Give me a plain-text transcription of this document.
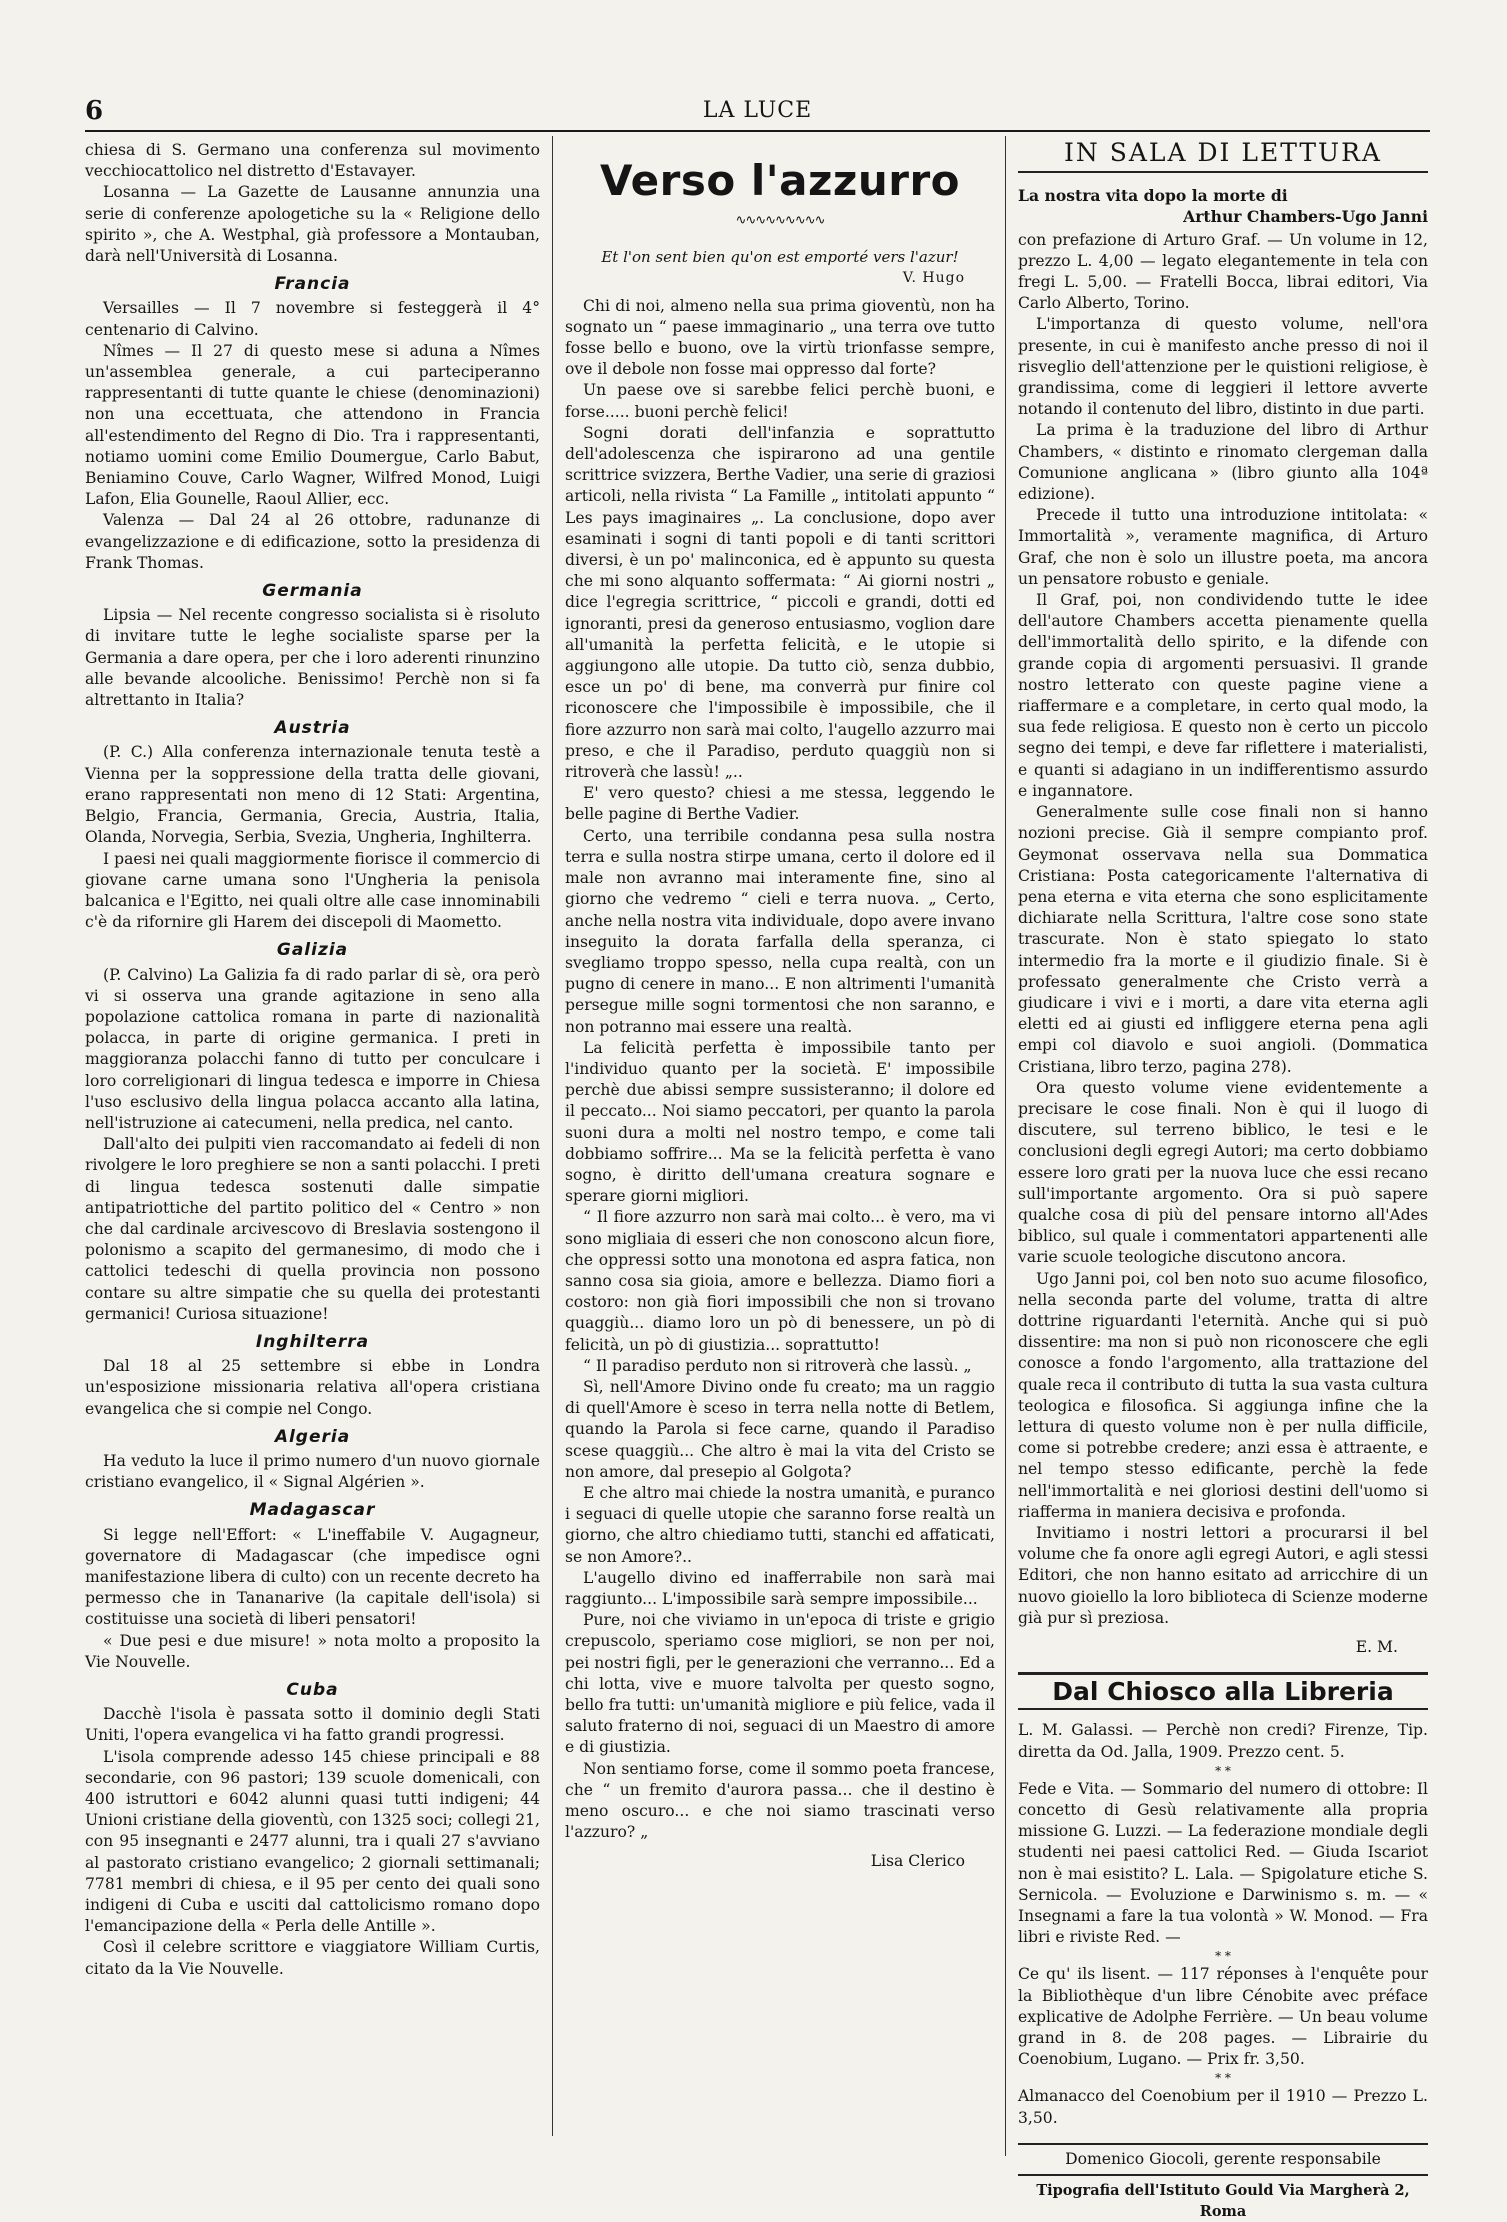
6	LA LUCE

chiesa di S. Germano una conferenza sul movimento vecchiocattolico nel distretto d'Estavayer.

Losanna — La Gazette de Lausanne annunzia una serie di conferenze apologetiche su la « Religione dello spirito », che A. Westphal, già professore a Montauban, darà nell'Università di Losanna.

Francia

Versailles — Il 7 novembre si festeggerà il 4° centenario di Calvino.

Nîmes — Il 27 di questo mese si aduna a Nîmes un'assemblea generale, a cui parteciperanno rappresentanti di tutte quante le chiese (denominazioni) non una eccettuata, che attendono in Francia all'estendimento del Regno di Dio. Tra i rappresentanti, notiamo uomini come Emilio Doumergue, Carlo Babut, Beniamino Couve, Carlo Wagner, Wilfred Monod, Luigi Lafon, Elia Gounelle, Raoul Allier, ecc.

Valenza — Dal 24 al 26 ottobre, radunanze di evangelizzazione e di edificazione, sotto la presidenza di Frank Thomas.

Germania

Lipsia — Nel recente congresso socialista si è risoluto di invitare tutte le leghe socialiste sparse per la Germania a dare opera, per che i loro aderenti rinunzino alle bevande alcooliche. Benissimo! Perchè non si fa altrettanto in Italia?

Austria

(P. C.) Alla conferenza internazionale tenuta testè a Vienna per la soppressione della tratta delle giovani, erano rappresentati non meno di 12 Stati: Argentina, Belgio, Francia, Germania, Grecia, Austria, Italia, Olanda, Norvegia, Serbia, Svezia, Ungheria, Inghilterra.

I paesi nei quali maggiormente fiorisce il commercio di giovane carne umana sono l'Ungheria la penisola balcanica e l'Egitto, nei quali oltre alle case innominabili c'è da rifornire gli Harem dei discepoli di Maometto.

Galizia

(P. Calvino) La Galizia fa di rado parlar di sè, ora però vi si osserva una grande agitazione in seno alla popolazione cattolica romana in parte di nazionalità polacca, in parte di origine germanica. I preti in maggioranza polacchi fanno di tutto per conculcare i loro correligionari di lingua tedesca e imporre in Chiesa l'uso esclusivo della lingua polacca accanto alla latina, nell'istruzione ai catecumeni, nella predica, nel canto.

Dall'alto dei pulpiti vien raccomandato ai fedeli di non rivolgere le loro preghiere se non a santi polacchi. I preti di lingua tedesca sostenuti dalle simpatie antipatriottiche del partito politico del « Centro » non che dal cardinale arcivescovo di Breslavia sostengono il polonismo a scapito del germanesimo, di modo che i cattolici tedeschi di quella provincia non possono contare su altre simpatie che su quella dei protestanti germanici! Curiosa situazione!

Inghilterra

Dal 18 al 25 settembre si ebbe in Londra un'esposizione missionaria relativa all'opera cristiana evangelica che si compie nel Congo.

Algeria

Ha veduto la luce il primo numero d'un nuovo giornale cristiano evangelico, il « Signal Algérien ».

Madagascar

Si legge nell'Effort: « L'ineffabile V. Augagneur, governatore di Madagascar (che impedisce ogni manifestazione libera di culto) con un recente decreto ha permesso che in Tananarive (la capitale dell'isola) si costituisse una società di liberi pensatori!

« Due pesi e due misure! » nota molto a proposito la Vie Nouvelle.

Cuba

Dacchè l'isola è passata sotto il dominio degli Stati Uniti, l'opera evangelica vi ha fatto grandi progressi.

L'isola comprende adesso 145 chiese principali e 88 secondarie, con 96 pastori; 139 scuole domenicali, con 400 istruttori e 6042 alunni quasi tutti indigeni; 44 Unioni cristiane della gioventù, con 1325 soci; collegi 21, con 95 insegnanti e 2477 alunni, tra i quali 27 s'avviano al pastorato cristiano evangelico; 2 giornali settimanali; 7781 membri di chiesa, e il 95 per cento dei quali sono indigeni di Cuba e usciti dal cattolicismo romano dopo l'emancipazione della « Perla delle Antille ».

Così il celebre scrittore e viaggiatore William Curtis, citato da la Vie Nouvelle.

Verso l'azzurro
∿∿∿∿∿∿∿∿∿
Et l'on sent bien qu'on est emporté vers l'azur!
V. Hugo

Chi di noi, almeno nella sua prima gioventù, non ha sognato un “ paese immaginario „ una terra ove tutto fosse bello e buono, ove la virtù trionfasse sempre, ove il debole non fosse mai oppresso dal forte?

Un paese ove si sarebbe felici perchè buoni, e forse..... buoni perchè felici!

Sogni dorati dell'infanzia e soprattutto dell'adolescenza che ispirarono ad una gentile scrittrice svizzera, Berthe Vadier, una serie di graziosi articoli, nella rivista “ La Famille „ intitolati appunto “ Les pays imaginaires „. La conclusione, dopo aver esaminati i sogni di tanti popoli e di tanti scrittori diversi, è un po' malinconica, ed è appunto su questa che mi sono alquanto soffermata: “ Ai giorni nostri „ dice l'egregia scrittrice, “ piccoli e grandi, dotti ed ignoranti, presi da generoso entusiasmo, voglion dare all'umanità la perfetta felicità, e le utopie si aggiungono alle utopie. Da tutto ciò, senza dubbio, esce un po' di bene, ma converrà pur finire col riconoscere che l'impossibile è impossibile, che il fiore azzurro non sarà mai colto, l'augello azzurro mai preso, e che il Paradiso, perduto quaggiù non si ritroverà che lassù! „..

E' vero questo? chiesi a me stessa, leggendo le belle pagine di Berthe Vadier.

Certo, una terribile condanna pesa sulla nostra terra e sulla nostra stirpe umana, certo il dolore ed il male non avranno mai interamente fine, sino al giorno che vedremo “ cieli e terra nuova. „ Certo, anche nella nostra vita individuale, dopo avere invano inseguito la dorata farfalla della speranza, ci svegliamo troppo spesso, nella cupa realtà, con un pugno di cenere in mano... E non altrimenti l'umanità persegue mille sogni tormentosi che non saranno, e non potranno mai essere una realtà.

La felicità perfetta è impossibile tanto per l'individuo quanto per la società. E' impossibile perchè due abissi sempre sussisteranno; il dolore ed il peccato... Noi siamo peccatori, per quanto la parola suoni dura a molti nel nostro tempo, e come tali dobbiamo soffrire... Ma se la felicità perfetta è vano sogno, è diritto dell'umana creatura sognare e sperare giorni migliori.

“ Il fiore azzurro non sarà mai colto... è vero, ma vi sono migliaia di esseri che non conoscono alcun fiore, che oppressi sotto una monotona ed aspra fatica, non sanno cosa sia gioia, amore e bellezza. Diamo fiori a costoro: non già fiori impossibili che non si trovano quaggiù... diamo loro un pò di benessere, un pò di felicità, un pò di giustizia... soprattutto!

“ Il paradiso perduto non si ritroverà che lassù. „

Sì, nell'Amore Divino onde fu creato; ma un raggio di quell'Amore è sceso in terra nella notte di Betlem, quando la Parola si fece carne, quando il Paradiso scese quaggiù... Che altro è mai la vita del Cristo se non amore, dal presepio al Golgota?

E che altro mai chiede la nostra umanità, e puranco i seguaci di quelle utopie che saranno forse realtà un giorno, che altro chiediamo tutti, stanchi ed affaticati, se non Amore?..

L'augello divino ed inafferrabile non sarà mai raggiunto... L'impossibile sarà sempre impossibile...

Pure, noi che viviamo in un'epoca di triste e grigio crepuscolo, speriamo cose migliori, se non per noi, pei nostri figli, per le generazioni che verranno... Ed a chi lotta, vive e muore talvolta per questo sogno, bello fra tutti: un'umanità migliore e più felice, vada il saluto fraterno di noi, seguaci di un Maestro di amore e di giustizia.

Non sentiamo forse, come il sommo poeta francese, che “ un fremito d'aurora passa... che il destino è meno oscuro... e che noi siamo trascinati verso l'azzuro? „

Lisa Clerico
IN SALA DI LETTURA
La nostra vita dopo la morte di
Arthur Chambers-Ugo Janni

con prefazione di Arturo Graf. — Un volume in 12, prezzo L. 4,00 — legato elegantemente in tela con fregi L. 5,00. — Fratelli Bocca, librai editori, Via Carlo Alberto, Torino.

L'importanza di questo volume, nell'ora presente, in cui è manifesto anche presso di noi il risveglio dell'attenzione per le quistioni religiose, è grandissima, come di leggieri il lettore avverte notando il contenuto del libro, distinto in due parti.

La prima è la traduzione del libro di Arthur Chambers, « distinto e rinomato clergeman dalla Comunione anglicana » (libro giunto alla 104ª edizione).

Precede il tutto una introduzione intitolata: « Immortalità », veramente magnifica, di Arturo Graf, che non è solo un illustre poeta, ma ancora un pensatore robusto e geniale.

Il Graf, poi, non condividendo tutte le idee dell'autore Chambers accetta pienamente quella dell'immortalità dello spirito, e la difende con grande copia di argomenti persuasivi. Il grande nostro letterato con queste pagine viene a riaffermare e a completare, in certo qual modo, la sua fede religiosa. E questo non è certo un piccolo segno dei tempi, e deve far riflettere i materialisti, e quanti si adagiano in un indifferentismo assurdo e ingannatore.

Generalmente sulle cose finali non si hanno nozioni precise. Già il sempre compianto prof. Geymonat osservava nella sua Dommatica Cristiana: Posta categoricamente l'alternativa di pena eterna e vita eterna che sono esplicitamente dichiarate nella Scrittura, l'altre cose sono state trascurate. Non è stato spiegato lo stato intermedio fra la morte e il giudizio finale. Si è professato generalmente che Cristo verrà a giudicare i vivi e i morti, a dare vita eterna agli eletti ed ai giusti ed infliggere eterna pena agli empi col diavolo e suoi angioli. (Dommatica Cristiana, libro terzo, pagina 278).

Ora questo volume viene evidentemente a precisare le cose finali. Non è qui il luogo di discutere, sul terreno biblico, le tesi e le conclusioni degli egregi Autori; ma certo dobbiamo essere loro grati per la nuova luce che essi recano sull'importante argomento. Ora si può sapere qualche cosa di più del pensare intorno all'Ades biblico, sul quale i commentatori appartenenti alle varie scuole teologiche discutono ancora.

Ugo Janni poi, col ben noto suo acume filosofico, nella seconda parte del volume, tratta di altre dottrine riguardanti l'eternità. Anche qui si può dissentire: ma non si può non riconoscere che egli conosce a fondo l'argomento, alla trattazione del quale reca il contributo di tutta la sua vasta cultura teologica e filosofica. Si aggiunga infine che la lettura di questo volume non è per nulla difficile, come si potrebbe credere; anzi essa è attraente, e nel tempo stesso edificante, perchè la fede nell'immortalità e nei gloriosi destini dell'uomo si riafferma in maniera decisiva e profonda.

Invitiamo i nostri lettori a procurarsi il bel volume che fa onore agli egregi Autori, e agli stessi Editori, che non hanno esitato ad arricchire di un nuovo gioiello la loro biblioteca di Scienze moderne già pur sì preziosa.

E. M.
Dal Chiosco alla Libreria

L. M. Galassi. — Perchè non credi? Firenze, Tip. diretta da Od. Jalla, 1909. Prezzo cent. 5.

* *

Fede e Vita. — Sommario del numero di ottobre: Il concetto di Gesù relativamente alla propria missione G. Luzzi. — La federazione mondiale degli studenti nei paesi cattolici Red. — Giuda Iscariot non è mai esistito? L. Lala. — Spigolature etiche S. Sernicola. — Evoluzione e Darwinismo s. m. — « Insegnami a fare la tua volontà » W. Monod. — Fra libri e riviste Red. —

* *

Ce qu' ils lisent. — 117 réponses à l'enquête pour la Bibliothèque d'un libre Cénobite avec préface explicative de Adolphe Ferrière. — Un beau volume grand in 8. de 208 pages. — Librairie du Coenobium, Lugano. — Prix fr. 3,50.

* *

Almanacco del Coenobium per il 1910 — Prezzo L. 3,50.

Domenico Giocoli, gerente responsabile
Tipografia dell'Istituto Gould Via Margherà 2, Roma
